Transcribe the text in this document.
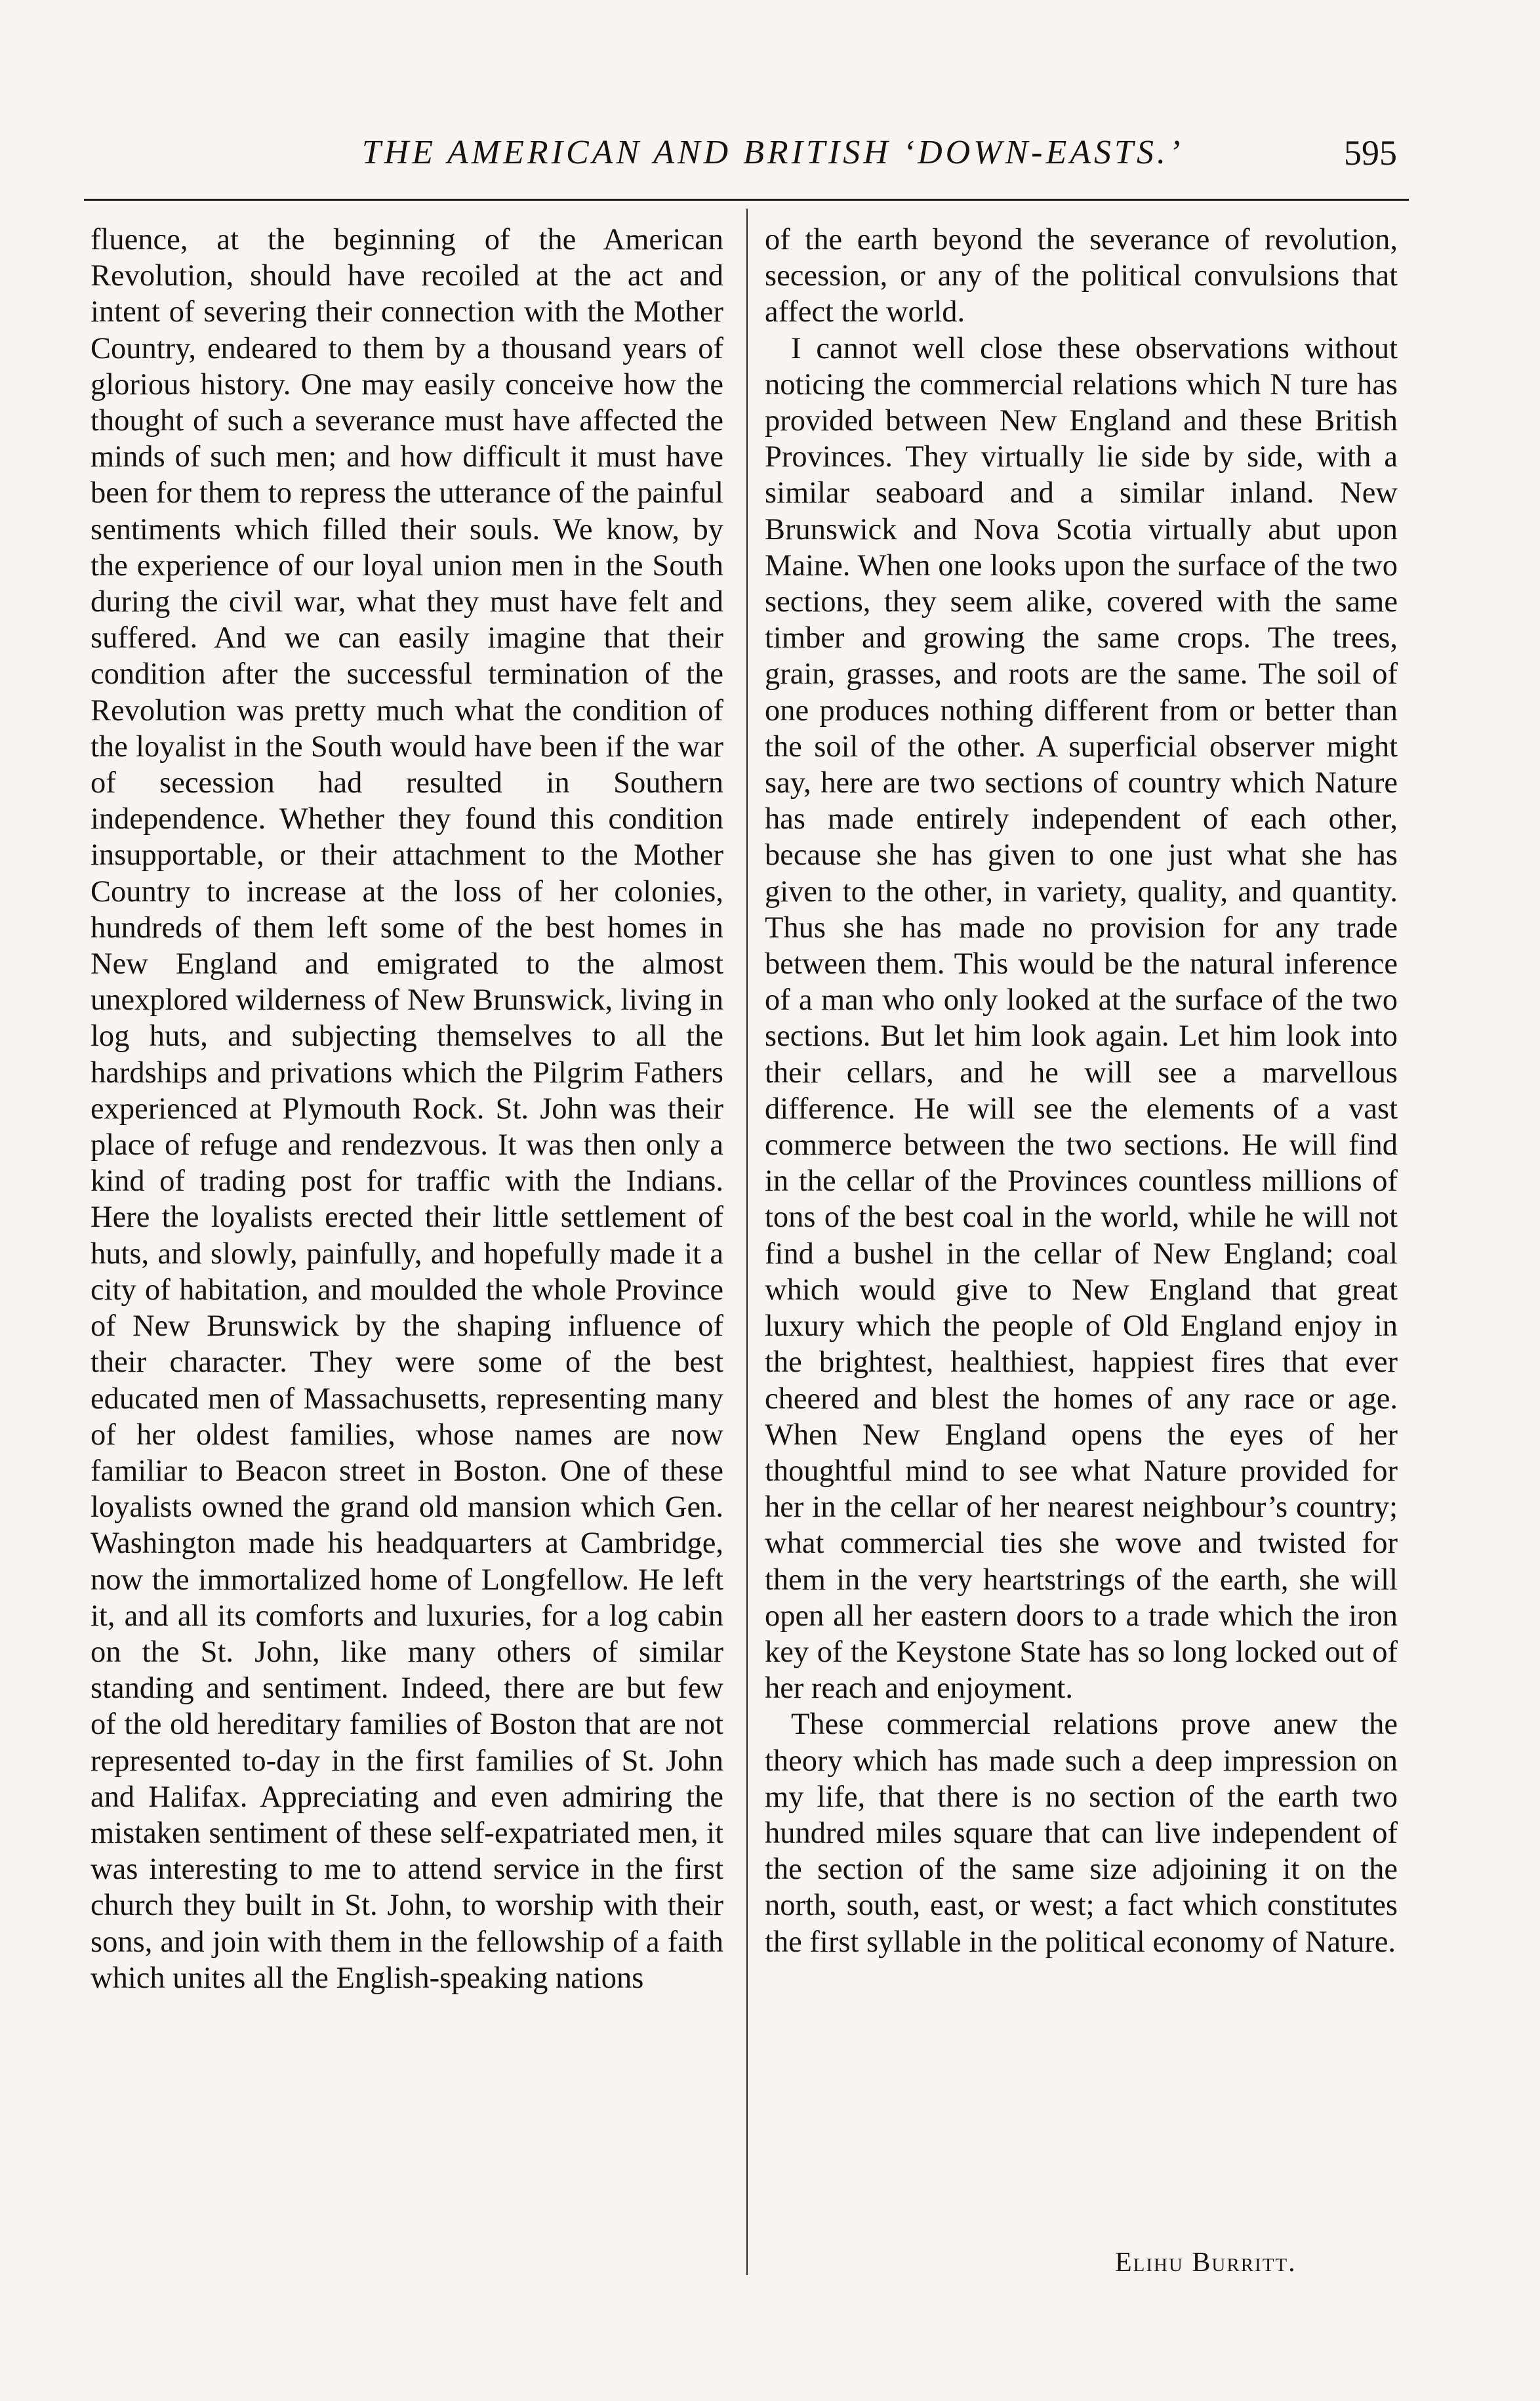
THE AMERICAN AND BRITISH ‘DOWN-EASTS.’	595

fluence, at the beginning of the American Revolution, should have recoiled at the act and intent of severing their connection with the Mother Country, endeared to them by a thousand years of glorious history. One may easily conceive how the thought of such a severance must have affected the minds of such men; and how difficult it must have been for them to repress the utterance of the painful sentiments which filled their souls. We know, by the experience of our loyal union men in the South during the civil war, what they must have felt and suffered. And we can easily imagine that their condition after the successful termination of the Revolution was pretty much what the condition of the loyalist in the South would have been if the war of secession had resulted in Southern independence. Whether they found this condition insupportable, or their attachment to the Mother Country to increase at the loss of her colonies, hundreds of them left some of the best homes in New England and emigrated to the almost unexplored wilderness of New Brunswick, living in log huts, and subjecting themselves to all the hardships and privations which the Pilgrim Fathers experienced at Plymouth Rock. St. John was their place of refuge and rendezvous. It was then only a kind of trading post for traffic with the Indians. Here the loyalists erected their little settlement of huts, and slowly, painfully, and hopefully made it a city of habitation, and moulded the whole Province of New Brunswick by the shaping influence of their character. They were some of the best educated men of Massachusetts, representing many of her oldest families, whose names are now familiar to Beacon street in Boston. One of these loyalists owned the grand old mansion which Gen. Washington made his headquarters at Cambridge, now the immortalized home of Longfellow. He left it, and all its comforts and luxuries, for a log cabin on the St. John, like many others of similar standing and sentiment. Indeed, there are but few of the old hereditary families of Boston that are not represented to-day in the first families of St. John and Halifax. Appreciating and even admiring the mistaken sentiment of these self-expatriated men, it was interesting to me to attend service in the first church they built in St. John, to worship with their sons, and join with them in the fellowship of a faith which unites all the English-speaking nations

of the earth beyond the severance of revolution, secession, or any of the political convulsions that affect the world.

I cannot well close these observations without noticing the commercial relations which N ture has provided between New England and these British Provinces. They virtually lie side by side, with a similar seaboard and a similar inland. New Brunswick and Nova Scotia virtually abut upon Maine. When one looks upon the surface of the two sections, they seem alike, covered with the same timber and growing the same crops. The trees, grain, grasses, and roots are the same. The soil of one produces nothing different from or better than the soil of the other. A superficial observer might say, here are two sections of country which Nature has made entirely independent of each other, because she has given to one just what she has given to the other, in variety, quality, and quantity. Thus she has made no provision for any trade between them. This would be the natural inference of a man who only looked at the surface of the two sections. But let him look again. Let him look into their cellars, and he will see a marvellous difference. He will see the elements of a vast commerce between the two sections. He will find in the cellar of the Provinces countless millions of tons of the best coal in the world, while he will not find a bushel in the cellar of New England; coal which would give to New England that great luxury which the people of Old England enjoy in the brightest, healthiest, happiest fires that ever cheered and blest the homes of any race or age. When New England opens the eyes of her thoughtful mind to see what Nature provided for her in the cellar of her nearest neighbour’s country; what commercial ties she wove and twisted for them in the very heartstrings of the earth, she will open all her eastern doors to a trade which the iron key of the Keystone State has so long locked out of her reach and enjoyment.

These commercial relations prove anew the theory which has made such a deep impression on my life, that there is no section of the earth two hundred miles square that can live independent of the section of the same size adjoining it on the north, south, east, or west; a fact which constitutes the first syllable in the political economy of Nature.

Elihu Burritt.
